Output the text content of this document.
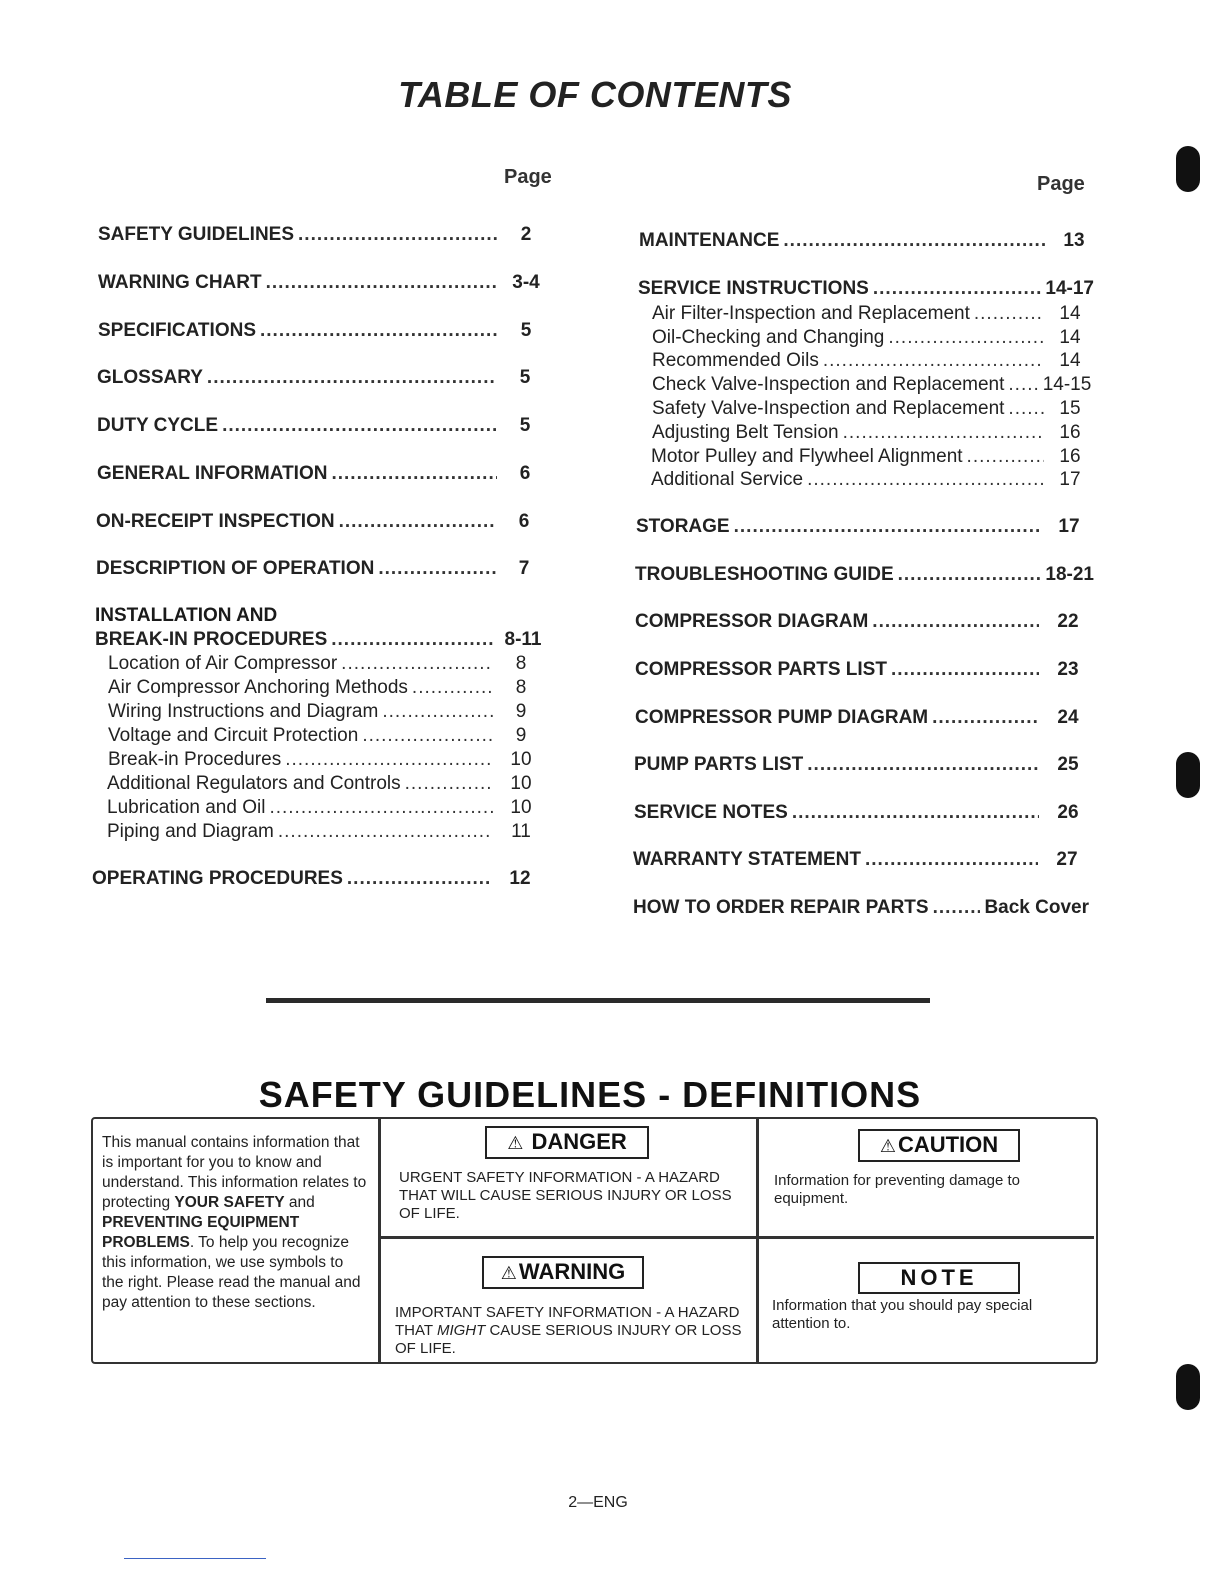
TABLE OF CONTENTS
Page	Page
SAFETY GUIDELINES .....	2
WARNING CHART .....	3-4
SPECIFICATIONS .....	5
GLOSSARY .....	5
DUTY CYCLE .....	5
GENERAL INFORMATION .....	6
ON-RECEIPT INSPECTION .....	6
DESCRIPTION OF OPERATION .....	7
INSTALLATION AND
BREAK-IN PROCEDURES .....	8-11
Location of Air Compressor .....	8
Air Compressor Anchoring Methods .....	8
Wiring Instructions and Diagram .....	9
Voltage and Circuit Protection .....	9
Break-in Procedures .....	10
Additional Regulators and Controls .....	10
Lubrication and Oil .....	10
Piping and Diagram .....	11
OPERATING PROCEDURES .....	12
MAINTENANCE .....	13
SERVICE INSTRUCTIONS .....	14-17
Air Filter-Inspection and Replacement .....	14
Oil-Checking and Changing .....	14
Recommended Oils .....	14
Check Valve-Inspection and Replacement ..... 14-15
Safety Valve-Inspection and Replacement .....	15
Adjusting Belt Tension .....	16
Motor Pulley and Flywheel Alignment .....	16
Additional Service .....	17
STORAGE .....	17
TROUBLESHOOTING GUIDE .....	18-21
COMPRESSOR DIAGRAM .....	22
COMPRESSOR PARTS LIST .....	23
COMPRESSOR PUMP DIAGRAM .....	24
PUMP PARTS LIST .....	25
SERVICE NOTES .....	26
WARRANTY STATEMENT .....	27
HOW TO ORDER REPAIR PARTS .....	Back Cover
SAFETY GUIDELINES - DEFINITIONS
This manual contains information that is important for you to know and understand. This information relates to protecting YOUR SAFETY and PREVENTING EQUIPMENT PROBLEMS. To help you recognize this information, we use symbols to the right. Please read the manual and pay attention to these sections.
⚠ DANGER
URGENT SAFETY INFORMATION - A HAZARD THAT WILL CAUSE SERIOUS INJURY OR LOSS OF LIFE.
⚠CAUTION
Information for preventing damage to equipment.
⚠WARNING
IMPORTANT SAFETY INFORMATION - A HAZARD THAT MIGHT CAUSE SERIOUS INJURY OR LOSS OF LIFE.
NOTE
Information that you should pay special attention to.
2—ENG
